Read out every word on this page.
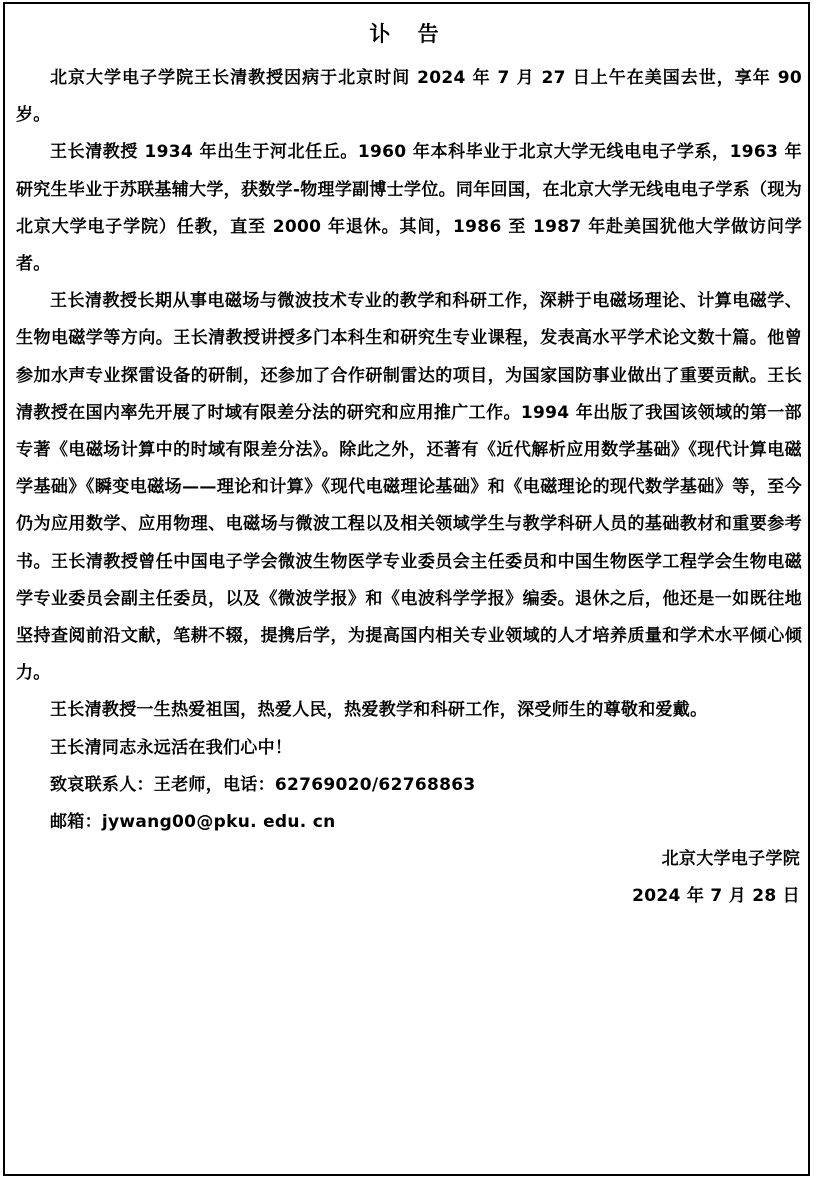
讣 告

北京大学电子学院王长清教授因病于北京时间 2024 年 7 月 27 日上午在美国去世，享年 90 岁。

王长清教授 1934 年出生于河北任丘。1960 年本科毕业于北京大学无线电电子学系，1963 年研究生毕业于苏联基辅大学，获数学-物理学副博士学位。同年回国，在北京大学无线电电子学系（现为北京大学电子学院）任教，直至 2000 年退休。其间，1986 至 1987 年赴美国犹他大学做访问学者。

王长清教授长期从事电磁场与微波技术专业的教学和科研工作，深耕于电磁场理论、计算电磁学、生物电磁学等方向。王长清教授讲授多门本科生和研究生专业课程，发表高水平学术论文数十篇。他曾参加水声专业探雷设备的研制，还参加了合作研制雷达的项目，为国家国防事业做出了重要贡献。王长清教授在国内率先开展了时域有限差分法的研究和应用推广工作。1994 年出版了我国该领域的第一部专著《电磁场计算中的时域有限差分法》。除此之外，还著有《近代解析应用数学基础》《现代计算电磁学基础》《瞬变电磁场——理论和计算》《现代电磁理论基础》和《电磁理论的现代数学基础》等，至今仍为应用数学、应用物理、电磁场与微波工程以及相关领域学生与教学科研人员的基础教材和重要参考书。王长清教授曾任中国电子学会微波生物医学专业委员会主任委员和中国生物医学工程学会生物电磁学专业委员会副主任委员，以及《微波学报》和《电波科学学报》编委。退休之后，他还是一如既往地坚持查阅前沿文献，笔耕不辍，提携后学，为提高国内相关专业领域的人才培养质量和学术水平倾心倾力。

王长清教授一生热爱祖国，热爱人民，热爱教学和科研工作，深受师生的尊敬和爱戴。

王长清同志永远活在我们心中！

致哀联系人：王老师，电话：62769020/62768863

邮箱：jywang00@pku. edu. cn

北京大学电子学院
2024 年 7 月 28 日
